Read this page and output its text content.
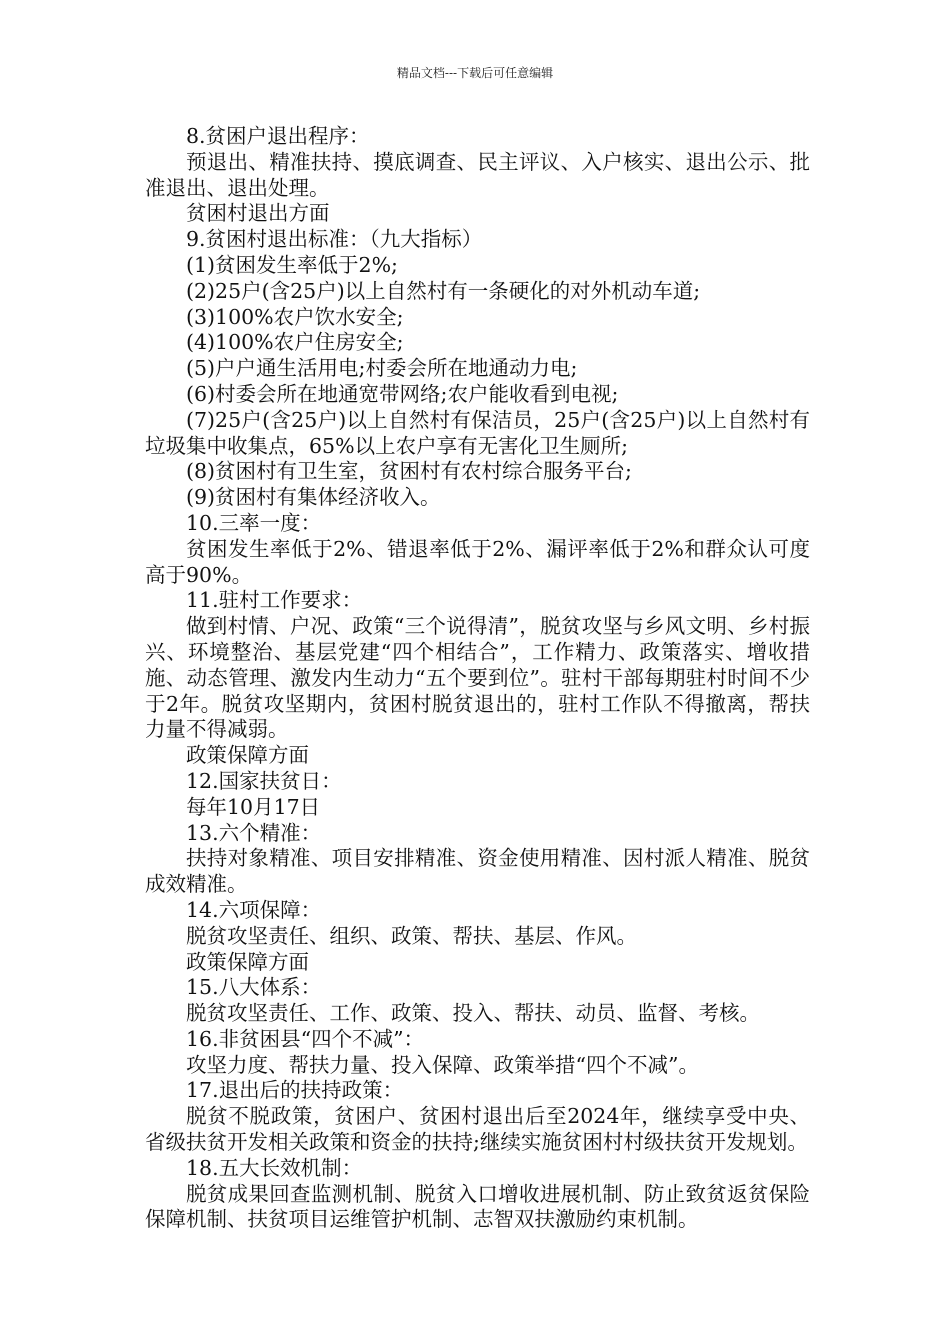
精品文档---下载后可任意编辑

8.贫困户退出程序：

预退出、精准扶持、摸底调查、民主评议、入户核实、退出公示、批准退出、退出处理。

贫困村退出方面

9.贫困村退出标准：（九大指标）

(1)贫困发生率低于2%;

(2)25户(含25户)以上自然村有一条硬化的对外机动车道;

(3)100%农户饮水安全;

(4)100%农户住房安全;

(5)户户通生活用电;村委会所在地通动力电;

(6)村委会所在地通宽带网络;农户能收看到电视;

(7)25户(含25户)以上自然村有保洁员，25户(含25户)以上自然村有垃圾集中收集点，65%以上农户享有无害化卫生厕所;

(8)贫困村有卫生室，贫困村有农村综合服务平台;

(9)贫困村有集体经济收入。

10.三率一度：

贫困发生率低于2%、错退率低于2%、漏评率低于2%和群众认可度高于90%。

11.驻村工作要求：

做到村情、户况、政策“三个说得清”，脱贫攻坚与乡风文明、乡村振兴、环境整治、基层党建“四个相结合”，工作精力、政策落实、增收措施、动态管理、激发内生动力“五个要到位”。驻村干部每期驻村时间不少于2年。脱贫攻坚期内，贫困村脱贫退出的，驻村工作队不得撤离，帮扶力量不得减弱。

政策保障方面

12.国家扶贫日：

每年10月17日

13.六个精准：

扶持对象精准、项目安排精准、资金使用精准、因村派人精准、脱贫成效精准。

14.六项保障：

脱贫攻坚责任、组织、政策、帮扶、基层、作风。

政策保障方面

15.八大体系：

脱贫攻坚责任、工作、政策、投入、帮扶、动员、监督、考核。

16.非贫困县“四个不减”：

攻坚力度、帮扶力量、投入保障、政策举措“四个不减”。

17.退出后的扶持政策：

脱贫不脱政策，贫困户、贫困村退出后至2024年，继续享受中央、省级扶贫开发相关政策和资金的扶持;继续实施贫困村村级扶贫开发规划。

18.五大长效机制：

脱贫成果回查监测机制、脱贫入口增收进展机制、防止致贫返贫保险保障机制、扶贫项目运维管护机制、志智双扶激励约束机制。
